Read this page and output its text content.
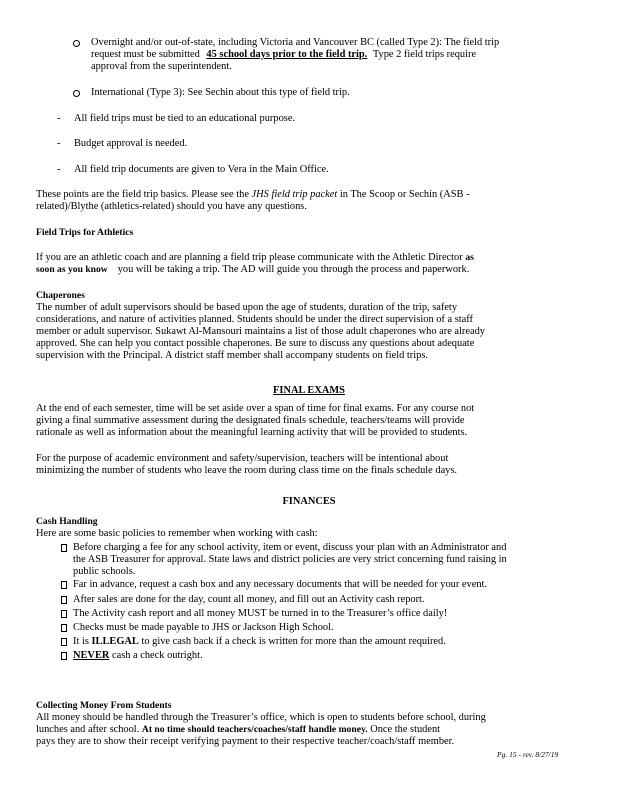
Overnight and/or out-of-state, including Victoria and Vancouver BC (called Type 2): The field trip
request must be submitted 45 school days prior to the field trip. Type 2 field trips require
approval from the superintendent.
International (Type 3): See Sechin about this type of field trip.
- All field trips must be tied to an educational purpose.
- Budget approval is needed.
- All field trip documents are given to Vera in the Main Office.
These points are the field trip basics. Please see the JHS field trip packet in The Scoop or Sechin (ASB -
related)/Blythe (athletics-related) should you have any questions.
Field Trips for Athletics
If you are an athletic coach and are planning a field trip please communicate with the Athletic Director as
soon as you know you will be taking a trip. The AD will guide you through the process and paperwork.
Chaperones
The number of adult supervisors should be based upon the age of students, duration of the trip, safety
considerations, and nature of activities planned. Students should be under the direct supervision of a staff
member or adult supervisor. Sukawt Al-Mansouri maintains a list of those adult chaperones who are already
approved. She can help you contact possible chaperones. Be sure to discuss any questions about adequate
supervision with the Principal. A district staff member shall accompany students on field trips.
FINAL EXAMS
At the end of each semester, time will be set aside over a span of time for final exams. For any course not
giving a final summative assessment during the designated finals schedule, teachers/teams will provide
rationale as well as information about the meaningful learning activity that will be provided to students.
For the purpose of academic environment and safety/supervision, teachers will be intentional about
minimizing the number of students who leave the room during class time on the finals schedule days.
FINANCES
Cash Handling
Here are some basic policies to remember when working with cash:
Before charging a fee for any school activity, item or event, discuss your plan with an Administrator and
the ASB Treasurer for approval. State laws and district policies are very strict concerning fund raising in
public schools.
Far in advance, request a cash box and any necessary documents that will be needed for your event.
After sales are done for the day, count all money, and fill out an Activity cash report.
The Activity cash report and all money MUST be turned in to the Treasurer’s office daily!
Checks must be made payable to JHS or Jackson High School.
It is ILLEGAL to give cash back if a check is written for more than the amount required.
NEVER cash a check outright.
Collecting Money From Students
All money should be handled through the Treasurer’s office, which is open to students before school, during
lunches and after school. At no time should teachers/coaches/staff handle money. Once the student
pays they are to show their receipt verifying payment to their respective teacher/coach/staff member.
Pg. 15 - rev. 8/27/19
